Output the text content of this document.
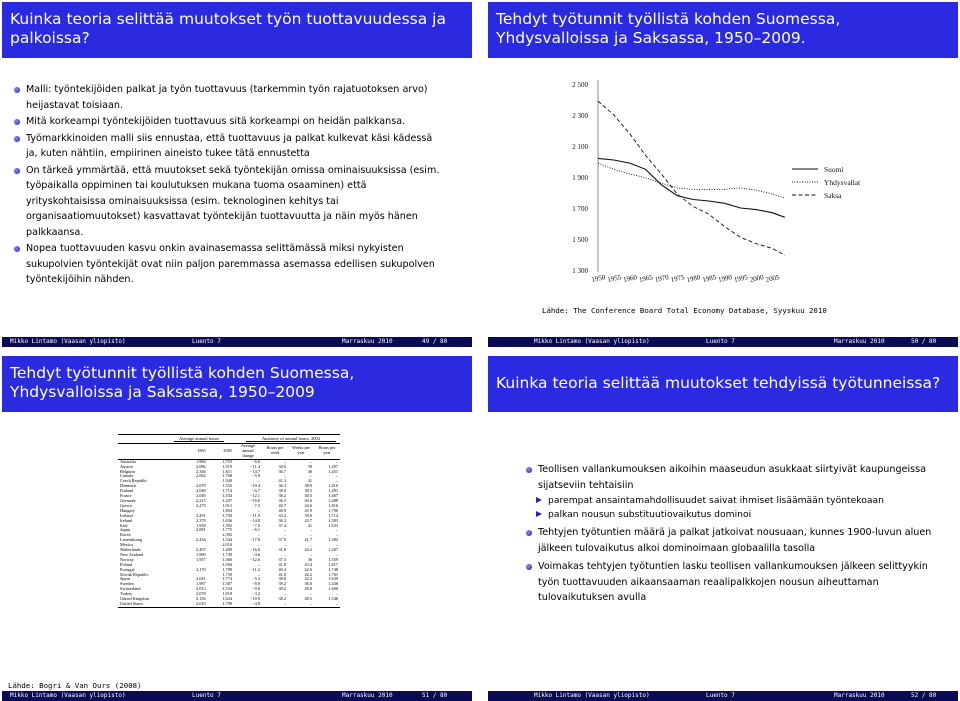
Kuinka teoria selittää muutokset työn tuottavuudessa ja palkoissa?
Malli: työntekijöiden palkat ja työn tuottavuus (tarkemmin työn rajatuotoksen arvo) heijastavat toisiaan.
Mitä korkeampi työntekijöiden tuottavuus sitä korkeampi on heidän palkkansa.
Työmarkkinoiden malli siis ennustaa, että tuottavuus ja palkat kulkevat käsi kädessä ja, kuten nähtiin, empiirinen aineisto tukee tätä ennustetta
On tärkeä ymmärtää, että muutokset sekä työntekijän omissa ominaisuuksissa (esim. työpaikalla oppiminen tai koulutuksen mukana tuoma osaaminen) että yrityskohtaisissa ominaisuuksissa (esim. teknologinen kehitys tai organisaatiomuutokset) kasvattavat työntekijän tuottavuutta ja näin myös hänen palkkaansa.
Nopea tuottavuuden kasvu onkin avainasemassa selittämässä miksi nykyisten sukupolvien työntekijät ovat niin paljon paremmassa asemassa edellisen sukupolven työntekijöihin nähden.
Mikko Lintamo (Vaasan yliopisto)	Luento 7	Marraskuu 2010	49 / 80
Tehdyt työtunnit työllistä kohden Suomessa, Yhdysvalloissa ja Saksassa, 1950–2009.
2 500
2 300
2 100
1 900
1 700
1 500
1 300
1950 1955 1960 1965 1970 1975 1980 1985 1990 1995 2000 2005
Suomi
Yhdysvallat
Saksa
Lähde: The Conference Board Total Economy Database, Syyskuu 2010
Mikko Lintamo (Vaasan yliopisto)	Luento 7	Marraskuu 2010	50 / 80
Tehdyt työtunnit työllistä kohden Suomessa, Yhdysvalloissa ja Saksassa, 1950–2009
Average annual hours	Anatomy of annual hours, 2002
	1965	2005	Average annual change	Hours per week	Weeks per year	Hours per year
Australia	1,984	1,753	−6.6	–	–	–
Austria	2,086	1,519	−11.4	38.6	39	1,497
Belgium	2,346	1,611	−14.7	36.7	40	1,451
Canada	2,062	1,768	−5.9	–	–	–
Czech Republic		1,940	–	41.3	41	–
Denmark	2,070	1,552	−10.4	36.3	38.9	1,410
Finland	2,048	1,714	−6.7	38.8	38.5	1,491
France	2,049	1,534	−12.1	36.2	40.5	1,467
Germany	2,215	1,437	−16.6	36.5	40.6	1,480
Greece	2,275	1,912	−7.5	40.7	44.6	1,816
Hungary		1,804	–	40.9	45.9	1,796
Iceland	2,291	1,794	−11.9	43.2	39.6	1,714
Ireland	2,378	1,636	−14.8	36.3	43.7	1,583
Italy	1,958	1,592	−7.5	37.4	41	1,533
Japan	2,081	1,775	−6.1	–	–	–
Korea		2,392	–	–	–	–
Luxembourg	2,434	1,544	−17.8	37.9	41.7	1,582
Mexico		2,010	–	–	–	–
Netherlands	2,207	1,409	−16.0	31.8	44.2	1,407
New Zealand	1,980	1,749	−4.6	–	–	–
Norway	1,957	1,360	−12.6	37.3	36	1,359
Poland		1,994	–	41.8	43.4	1,817
Portugal	2,170	1,709	−11.2	40.4	42.6	1,748
Slovak Republic		1,739	–	41.8	42.2	1,761
Spain	2,041	1,774	−5.3	38.8	42.2	1,639
Sweden	1,987	1,587	−8.0	39.2	36.6	1,436
Switzerland	2,013	1,534	−9.6	39.2	40.8	1,600
Turkey	2,078	1,918	−3.2	–	–	–
United Kingdom	2,156	1,624	−10.6	38.2	40.5	1,546
United States	2,010	1,790	−4.8	–	–	–
Lähde: Bogri & Van Ours (2008)
Mikko Lintamo (Vaasan yliopisto)	Luento 7	Marraskuu 2010	51 / 80
Kuinka teoria selittää muutokset tehdyissä työtunneissa?
Teollisen vallankumouksen aikoihin maaseudun asukkaat siirtyivät kaupungeissa sijatseviin tehtaisiin
parempat ansaintamahdollisuudet saivat ihmiset lisäämään työntekoaan
palkan nousun substituutiovaikutus dominoi
Tehtyjen työtuntien määrä ja palkat jatkoivat nousuaan, kunnes 1900-luvun aluen jälkeen tulovaikutus alkoi dominoimaan globaalilla tasolla
Voimakas tehtyjen työtuntien lasku teollisen vallankumouksen jälkeen selittyykin työn tuottavuuden aikaansaaman reaalipalkkojen nousun aiheuttaman tulovaikutuksen avulla
Mikko Lintamo (Vaasan yliopisto)	Luento 7	Marraskuu 2010	52 / 80
